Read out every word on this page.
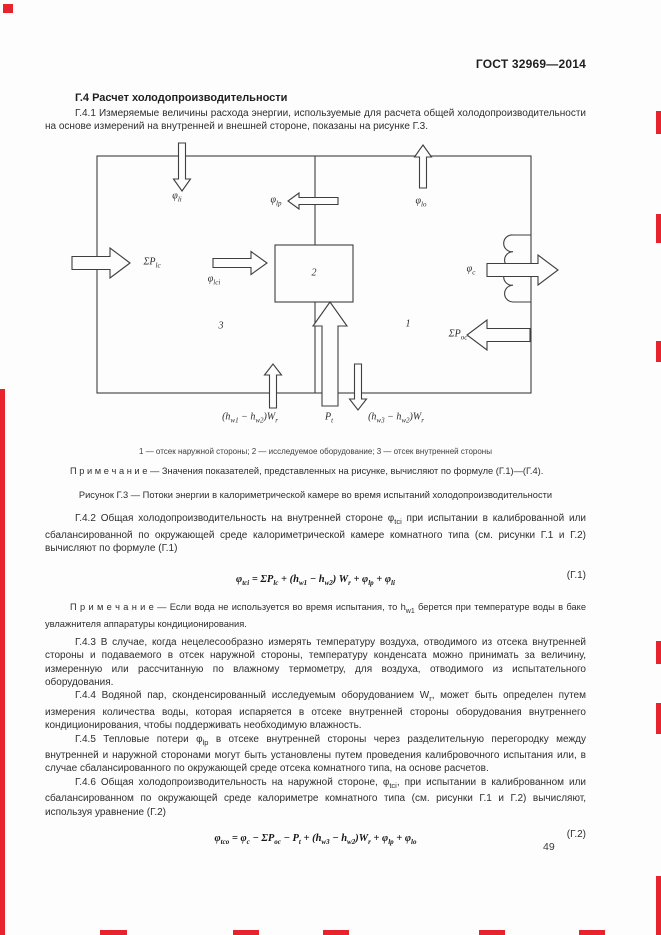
ГОСТ 32969—2014
Г.4 Расчет холодопроизводительности

Г.4.1 Измеряемые величины расхода энергии, используемые для расчета общей холодопроизводительности на основе измерений на внутренней и внешней стороне, показаны на рисунке Г.3.

$\varphi_{li}$	$\varphi_{lp}$	$\varphi_{lo}$
$\Sigma P_{lc}$
$\varphi_{lci}$
$\varphi_c$
$\Sigma P_{oc}$
3	1
2
$(h_{w1} - h_{w2})W_r$	$P_t$	$(h_{w3} - h_{w2})W_r$
1 — отсек наружной стороны; 2 — исследуемое оборудование; 3 — отсек внутренней стороны
П р и м е ч а н и е — Значения показателей, представленных на рисунке, вычисляют по формуле (Г.1)—(Г.4).
Рисунок Г.3 — Потоки энергии в калориметрической камере во время испытаний холодопроизводительности

Г.4.2 Общая холодопроизводительность на внутренней стороне $\varphi_{tci}$ при испытании в калиброванной или сбалансированной по окружающей среде калориметрической камере комнатного типа (см. рисунки Г.1 и Г.2) вычисляют по формуле (Г.1)

$\varphi_{tci} = \Sigma P_{lc} + (h_{w1} - h_{w2}) W_r + \varphi_{lp} + \varphi_{li}$
(Г.1)
П р и м е ч а н и е — Если вода не используется во время испытания, то $h_{w1}$ берется при температуре воды в баке увлажнителя аппаратуры кондиционирования.

Г.4.3 В случае, когда нецелесообразно измерять температуру воздуха, отводимого из отсека внутренней стороны и подаваемого в отсек наружной стороны, температуру конденсата можно принимать за величину, измеренную или рассчитанную по влажному термометру, для воздуха, отводимого из испытательного оборудования.

Г.4.4 Водяной пар, сконденсированный исследуемым оборудованием $W_r$, может быть определен путем измерения количества воды, которая испаряется в отсеке внутренней стороны оборудования внутреннего кондиционирования, чтобы поддерживать необходимую влажность.

Г.4.5 Тепловые потери $\varphi_{lp}$ в отсеке внутренней стороны через разделительную перегородку между внутренней и наружной сторонами могут быть установлены путем проведения калибровочного испытания или, в случае сбалансированного по окружающей среде отсека комнатного типа, на основе расчетов.

Г.4.6 Общая холодопроизводительность на наружной стороне, $\varphi_{tci}$, при испытании в калиброванном или сбалансированном по окружающей среде калориметре комнатного типа (см. рисунки Г.1 и Г.2) вычисляют, используя уравнение (Г.2)

$\varphi_{tco} = \varphi_c - \Sigma P_{oc} - P_t + (h_{w3} - h_{w2})W_r + \varphi_{lp} + \varphi_{lo}$
(Г.2)
49
